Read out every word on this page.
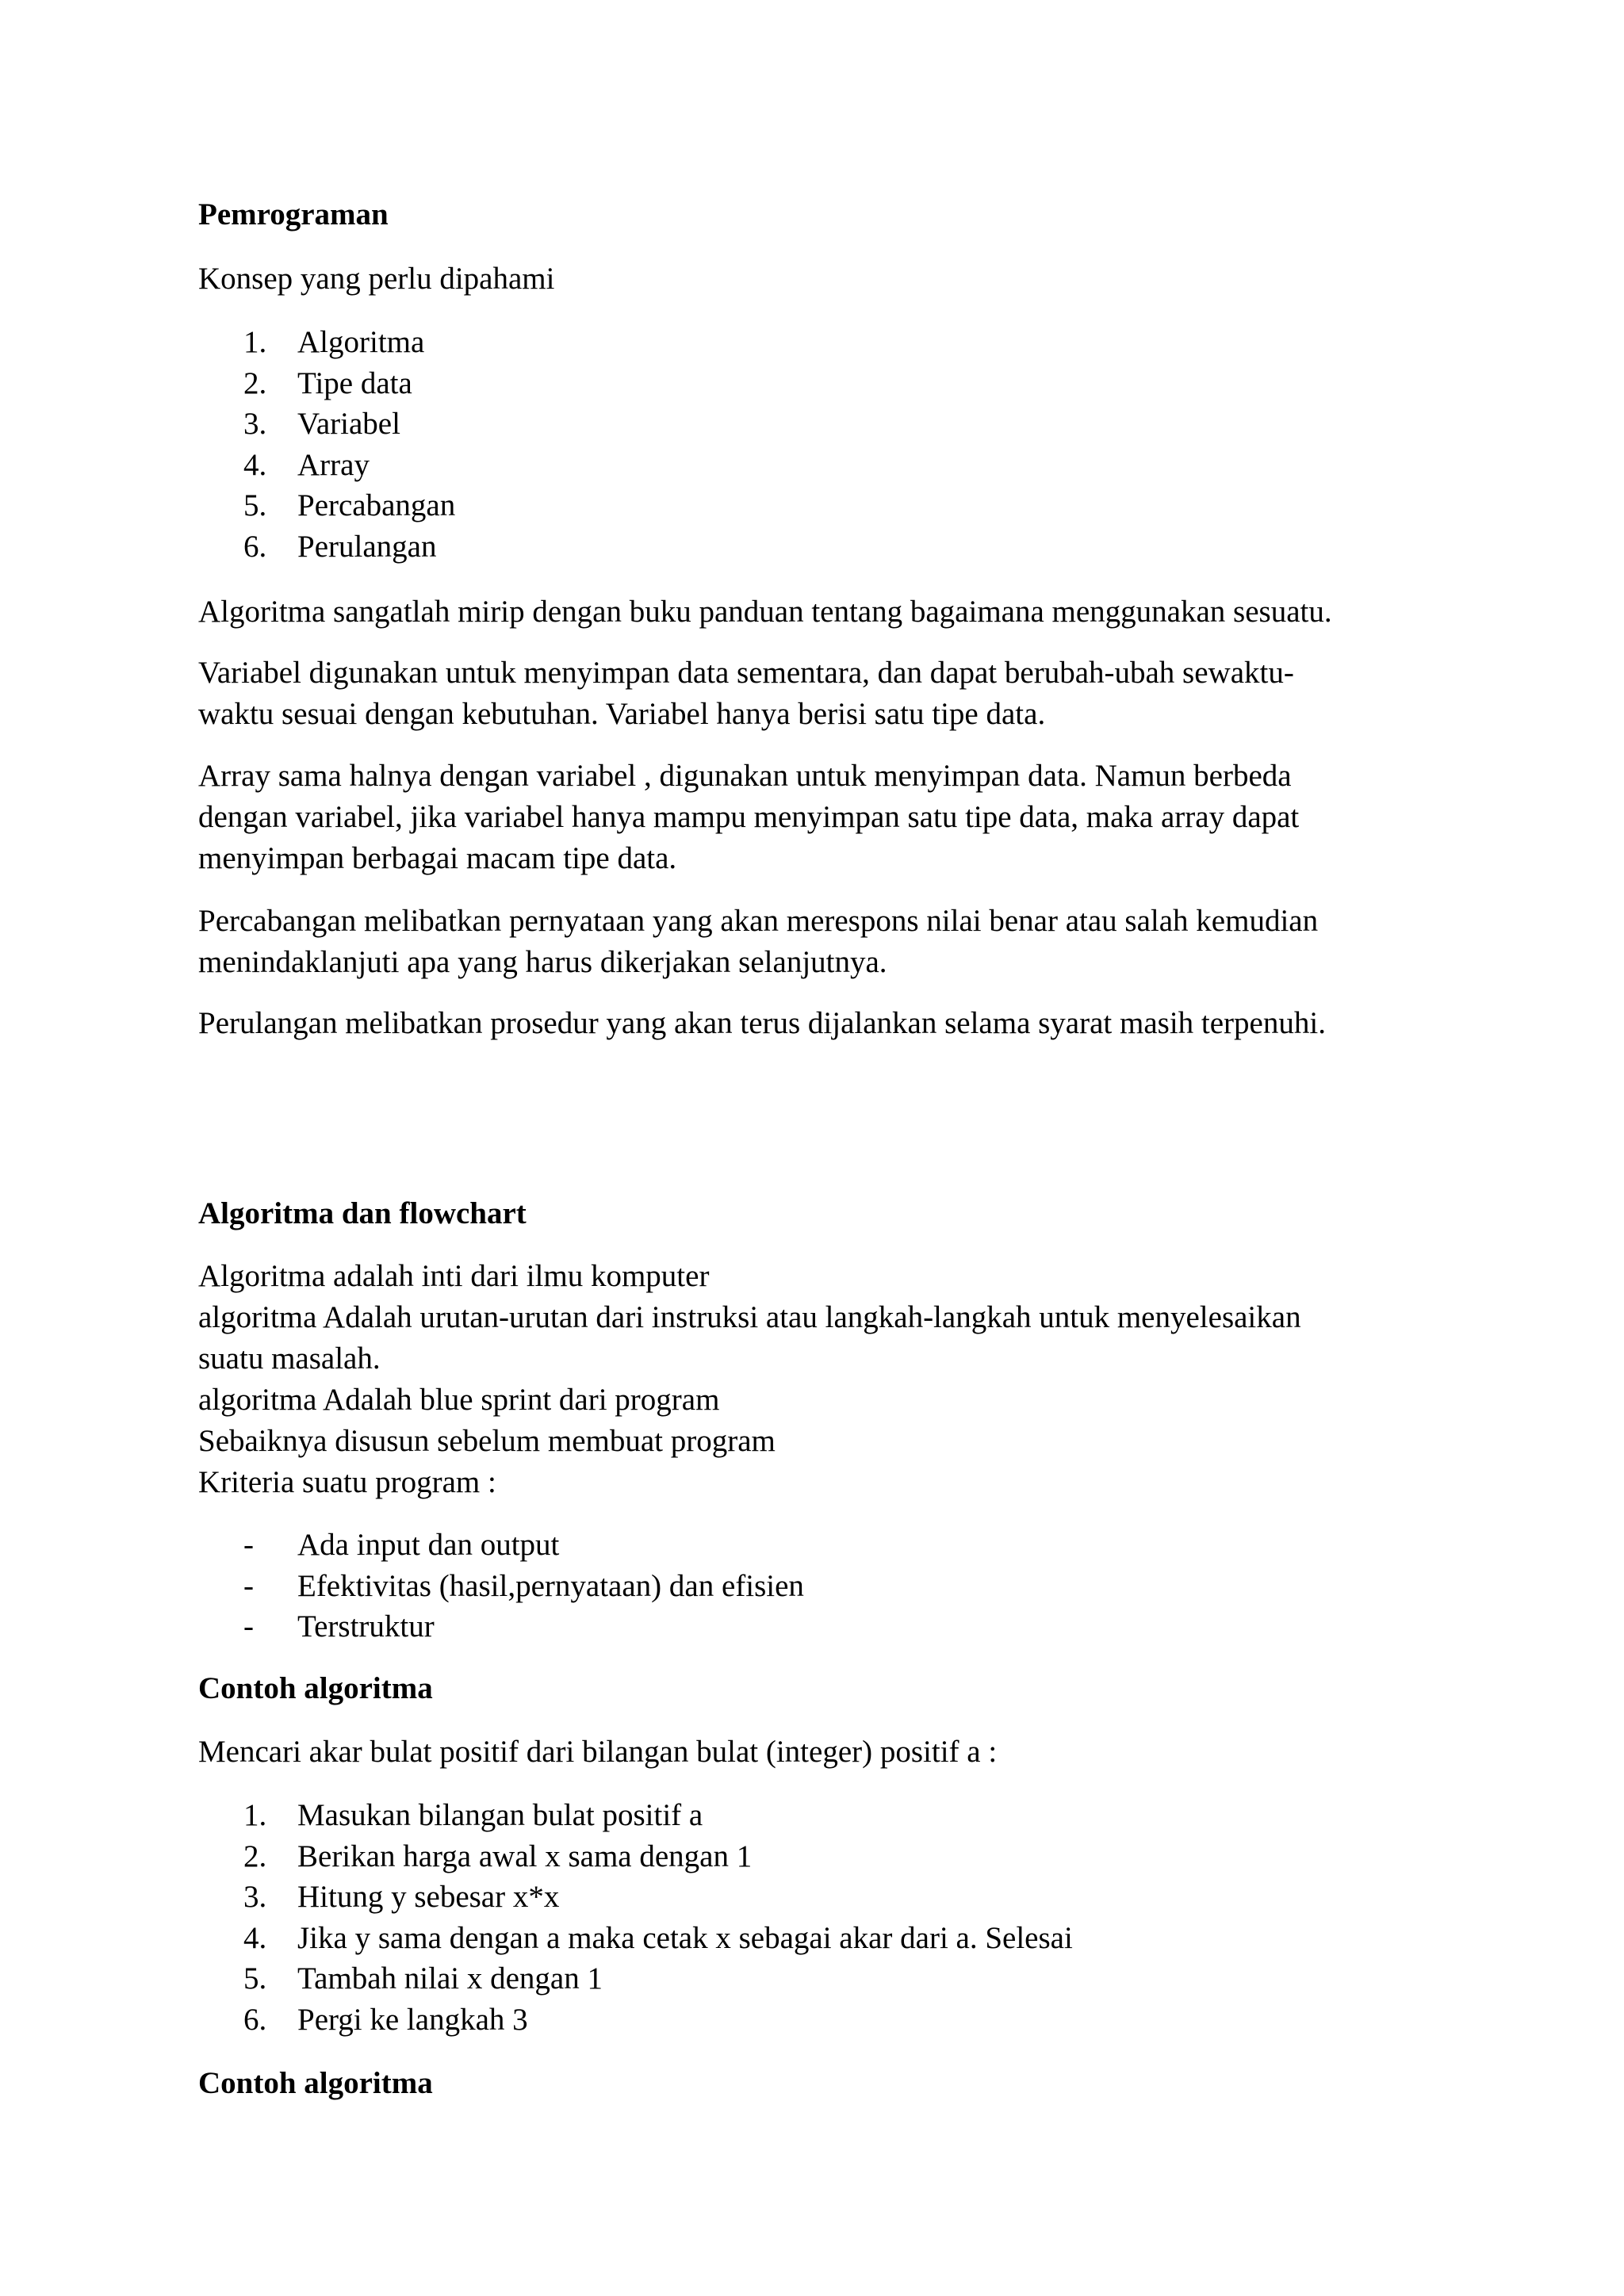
Pemrograman
Konsep yang perlu dipahami
1. Algoritma
2. Tipe data
3. Variabel
4. Array
5. Percabangan
6. Perulangan
Algoritma sangatlah mirip dengan buku panduan tentang bagaimana menggunakan sesuatu.
Variabel digunakan untuk menyimpan data sementara, dan dapat berubah-ubah sewaktu-
waktu sesuai dengan kebutuhan. Variabel hanya berisi satu tipe data.
Array sama halnya dengan variabel , digunakan untuk menyimpan data. Namun berbeda
dengan variabel, jika variabel hanya mampu menyimpan satu tipe data, maka array dapat
menyimpan berbagai macam tipe data.
Percabangan melibatkan pernyataan yang akan merespons nilai benar atau salah kemudian
menindaklanjuti apa yang harus dikerjakan selanjutnya.
Perulangan melibatkan prosedur yang akan terus dijalankan selama syarat masih terpenuhi.
Algoritma dan flowchart
Algoritma adalah inti dari ilmu komputer
algoritma Adalah urutan-urutan dari instruksi atau langkah-langkah untuk menyelesaikan
suatu masalah.
algoritma Adalah blue sprint dari program
Sebaiknya disusun sebelum membuat program
Kriteria suatu program :
-	Ada input dan output
-	Efektivitas (hasil,pernyataan) dan efisien
-	Terstruktur
Contoh algoritma
Mencari akar bulat positif dari bilangan bulat (integer) positif a :
1. Masukan bilangan bulat positif a
2. Berikan harga awal x sama dengan 1
3. Hitung y sebesar x*x
4. Jika y sama dengan a maka cetak x sebagai akar dari a. Selesai
5. Tambah nilai x dengan 1
6. Pergi ke langkah 3
Contoh algoritma
